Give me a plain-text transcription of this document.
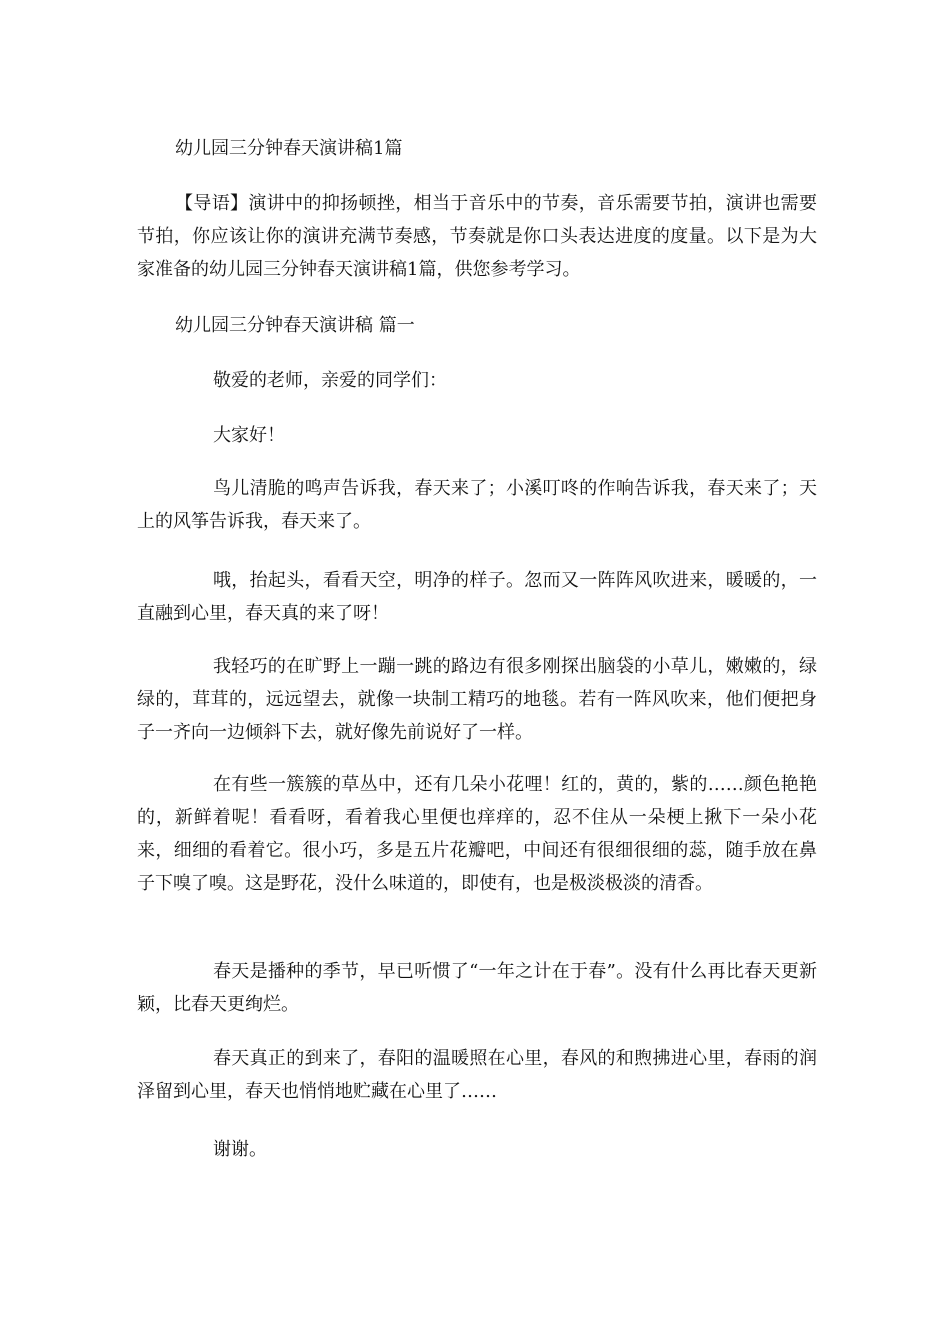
幼儿园三分钟春天演讲稿1篇

【导语】演讲中的抑扬顿挫，相当于音乐中的节奏，音乐需要节拍，演讲也需要节拍，你应该让你的演讲充满节奏感，节奏就是你口头表达进度的度量。以下是为大家准备的幼儿园三分钟春天演讲稿1篇，供您参考学习。

幼儿园三分钟春天演讲稿 篇一

敬爱的老师，亲爱的同学们：

大家好！

鸟儿清脆的鸣声告诉我，春天来了；小溪叮咚的作响告诉我，春天来了；天上的风筝告诉我，春天来了。

哦，抬起头，看看天空，明净的样子。忽而又一阵阵风吹进来，暖暖的，一直融到心里，春天真的来了呀！

我轻巧的在旷野上一蹦一跳的路边有很多刚探出脑袋的小草儿，嫩嫩的，绿绿的，茸茸的，远远望去，就像一块制工精巧的地毯。若有一阵风吹来，他们便把身子一齐向一边倾斜下去，就好像先前说好了一样。

在有些一簇簇的草丛中，还有几朵小花哩！红的，黄的，紫的……颜色艳艳的，新鲜着呢！看看呀，看着我心里便也痒痒的，忍不住从一朵梗上揪下一朵小花来，细细的看着它。很小巧，多是五片花瓣吧，中间还有很细很细的蕊，随手放在鼻子下嗅了嗅。这是野花，没什么味道的，即使有，也是极淡极淡的清香。

春天是播种的季节，早已听惯了“一年之计在于春”。没有什么再比春天更新颖，比春天更绚烂。

春天真正的到来了，春阳的温暖照在心里，春风的和煦拂进心里，春雨的润泽留到心里，春天也悄悄地贮藏在心里了……

谢谢。
